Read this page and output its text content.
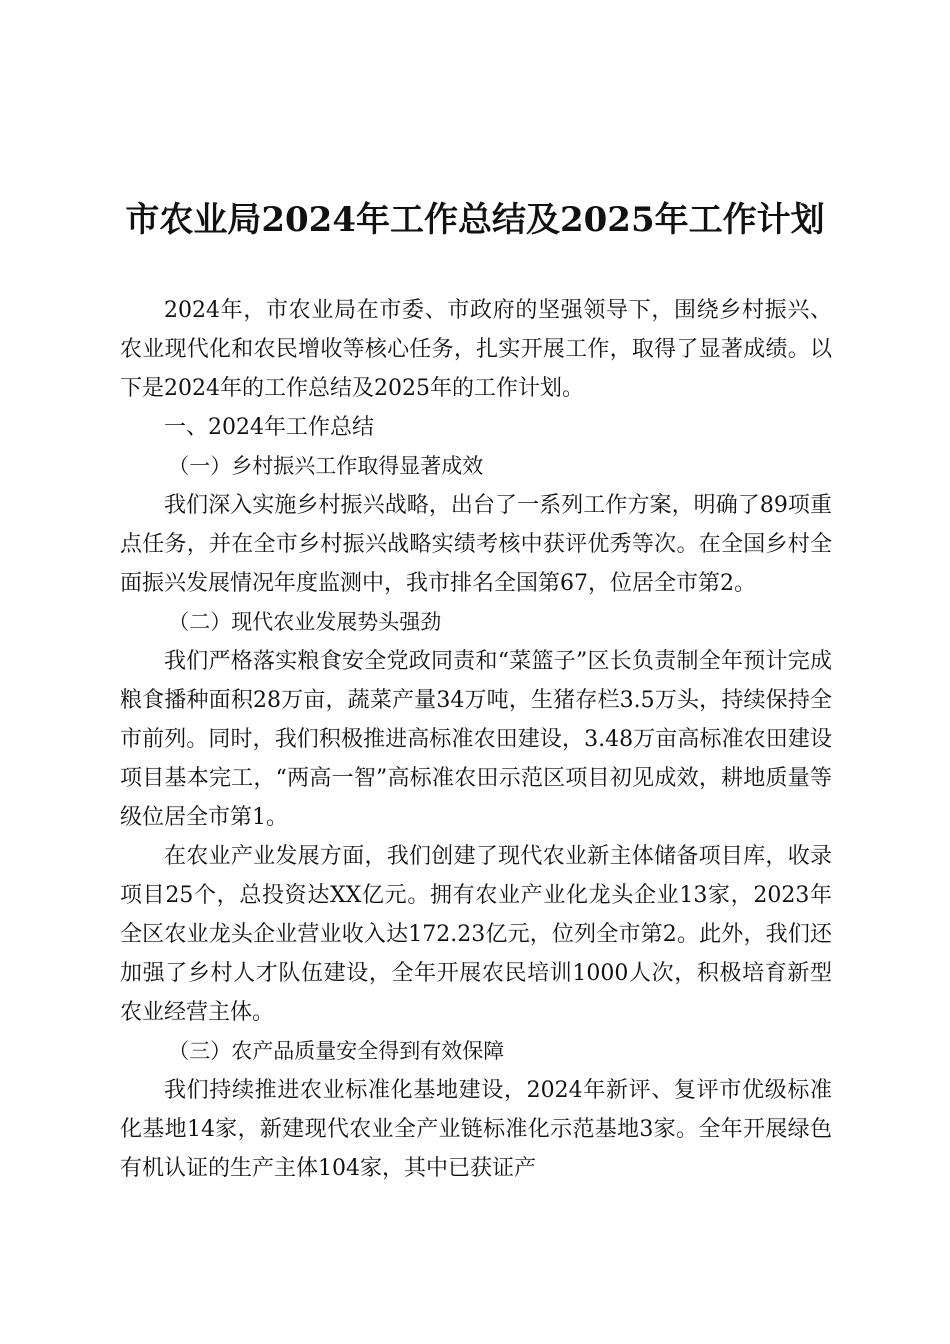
市农业局2024年工作总结及2025年工作计划

2024年，市农业局在市委、市政府的坚强领导下，围绕乡村振兴、农业现代化和农民增收等核心任务，扎实开展工作，取得了显著成绩。以下是2024年的工作总结及2025年的工作计划。

一、2024年工作总结

（一）乡村振兴工作取得显著成效

我们深入实施乡村振兴战略，出台了一系列工作方案，明确了89项重点任务，并在全市乡村振兴战略实绩考核中获评优秀等次。在全国乡村全面振兴发展情况年度监测中，我市排名全国第67，位居全市第2。

（二）现代农业发展势头强劲

我们严格落实粮食安全党政同责和“菜篮子”区长负责制全年预计完成粮食播种面积28万亩，蔬菜产量34万吨，生猪存栏3.5万头，持续保持全市前列。同时，我们积极推进高标准农田建设，3.48万亩高标准农田建设项目基本完工，“两高一智”高标准农田示范区项目初见成效，耕地质量等级位居全市第1。

在农业产业发展方面，我们创建了现代农业新主体储备项目库，收录项目25个，总投资达XX亿元。拥有农业产业化龙头企业13家，2023年全区农业龙头企业营业收入达172.23亿元，位列全市第2。此外，我们还加强了乡村人才队伍建设，全年开展农民培训1000人次，积极培育新型农业经营主体。

（三）农产品质量安全得到有效保障

我们持续推进农业标准化基地建设，2024年新评、复评市优级标准化基地14家，新建现代农业全产业链标准化示范基地3家。全年开展绿色有机认证的生产主体104家，其中已获证产
